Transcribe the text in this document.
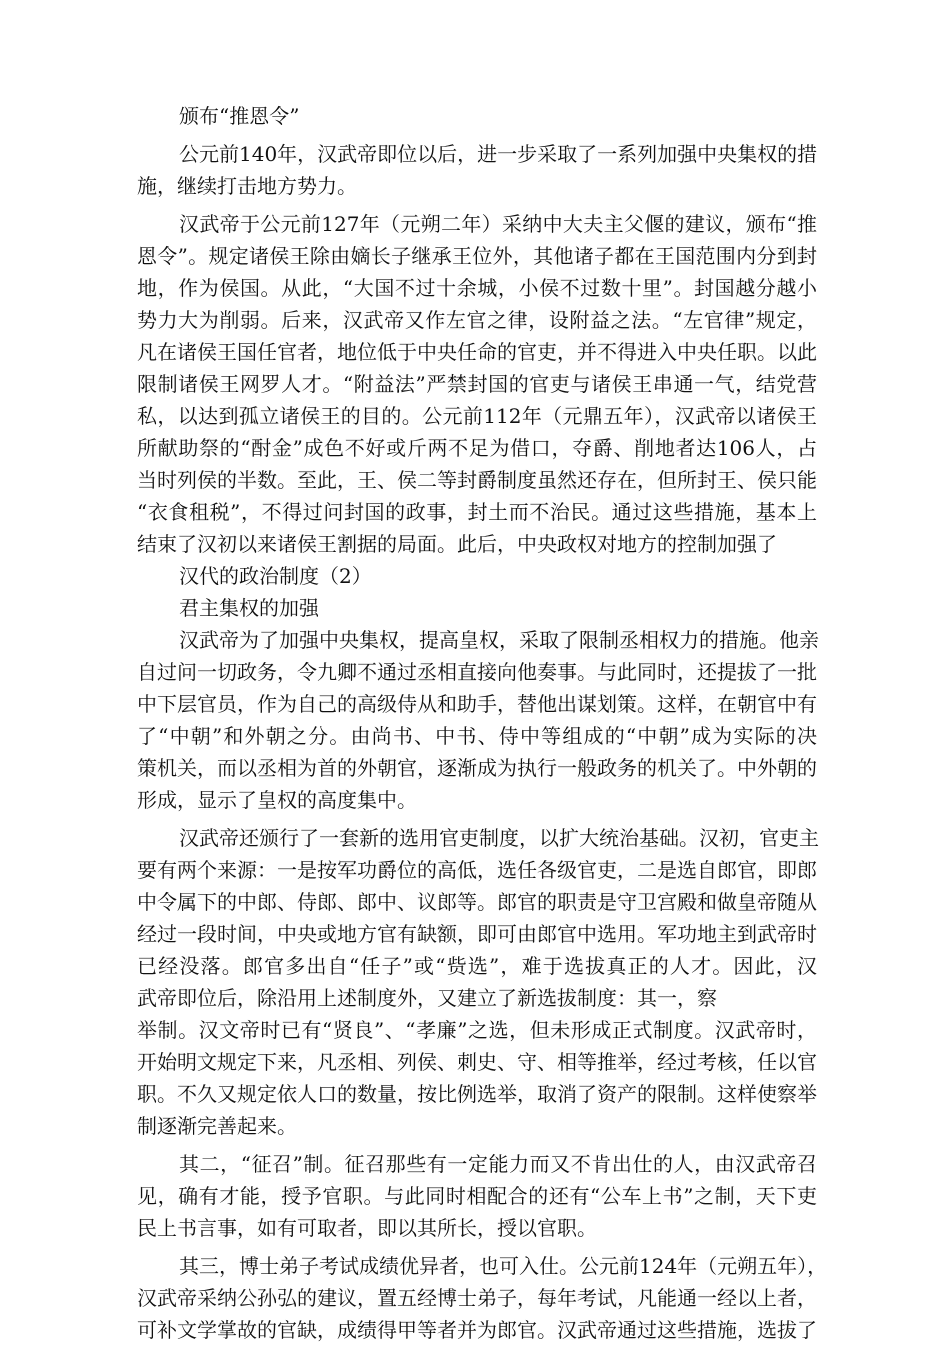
颁布“推恩令”
公元前140年，汉武帝即位以后，进一步采取了一系列加强中央集权的措
施，继续打击地方势力。
汉武帝于公元前127年（元朔二年）采纳中大夫主父偃的建议，颁布“推
恩令”。规定诸侯王除由嫡长子继承王位外，其他诸子都在王国范围内分到封
地，作为侯国。从此，“大国不过十余城，小侯不过数十里”。封国越分越小
势力大为削弱。后来，汉武帝又作左官之律，设附益之法。“左官律”规定，
凡在诸侯王国任官者，地位低于中央任命的官吏，并不得进入中央任职。以此
限制诸侯王网罗人才。“附益法”严禁封国的官吏与诸侯王串通一气，结党营
私，以达到孤立诸侯王的目的。公元前112年（元鼎五年），汉武帝以诸侯王
所献助祭的“酎金”成色不好或斤两不足为借口，夺爵、削地者达106人，占
当时列侯的半数。至此，王、侯二等封爵制度虽然还存在，但所封王、侯只能
“衣食租税”，不得过问封国的政事，封土而不治民。通过这些措施，基本上
结束了汉初以来诸侯王割据的局面。此后，中央政权对地方的控制加强了
汉代的政治制度（2）
君主集权的加强
汉武帝为了加强中央集权，提高皇权，采取了限制丞相权力的措施。他亲
自过问一切政务，令九卿不通过丞相直接向他奏事。与此同时，还提拔了一批
中下层官员，作为自己的高级侍从和助手，替他出谋划策。这样，在朝官中有
了“中朝”和外朝之分。由尚书、中书、侍中等组成的“中朝”成为实际的决
策机关，而以丞相为首的外朝官，逐渐成为执行一般政务的机关了。中外朝的
形成，显示了皇权的高度集中。
汉武帝还颁行了一套新的选用官吏制度，以扩大统治基础。汉初，官吏主
要有两个来源：一是按军功爵位的高低，选任各级官吏，二是选自郎官，即郎
中令属下的中郎、侍郎、郎中、议郎等。郎官的职责是守卫宫殿和做皇帝随从
经过一段时间，中央或地方官有缺额，即可由郎官中选用。军功地主到武帝时
已经没落。郎官多出自“任子”或“赀选”，难于选拔真正的人才。因此，汉
武帝即位后，除沿用上述制度外，又建立了新选拔制度：其一，察
举制。汉文帝时已有“贤良”、“孝廉”之选，但未形成正式制度。汉武帝时，
开始明文规定下来，凡丞相、列侯、刺史、守、相等推举，经过考核，任以官
职。不久又规定依人口的数量，按比例选举，取消了资产的限制。这样使察举
制逐渐完善起来。
其二，“征召”制。征召那些有一定能力而又不肯出仕的人，由汉武帝召
见，确有才能，授予官职。与此同时相配合的还有“公车上书”之制，天下吏
民上书言事，如有可取者，即以其所长，授以官职。
其三，博士弟子考试成绩优异者，也可入仕。公元前124年（元朔五年），
汉武帝采纳公孙弘的建议，置五经博士弟子，每年考试，凡能通一经以上者，
可补文学掌故的官缺，成绩得甲等者并为郎官。汉武帝通过这些措施，选拔了
